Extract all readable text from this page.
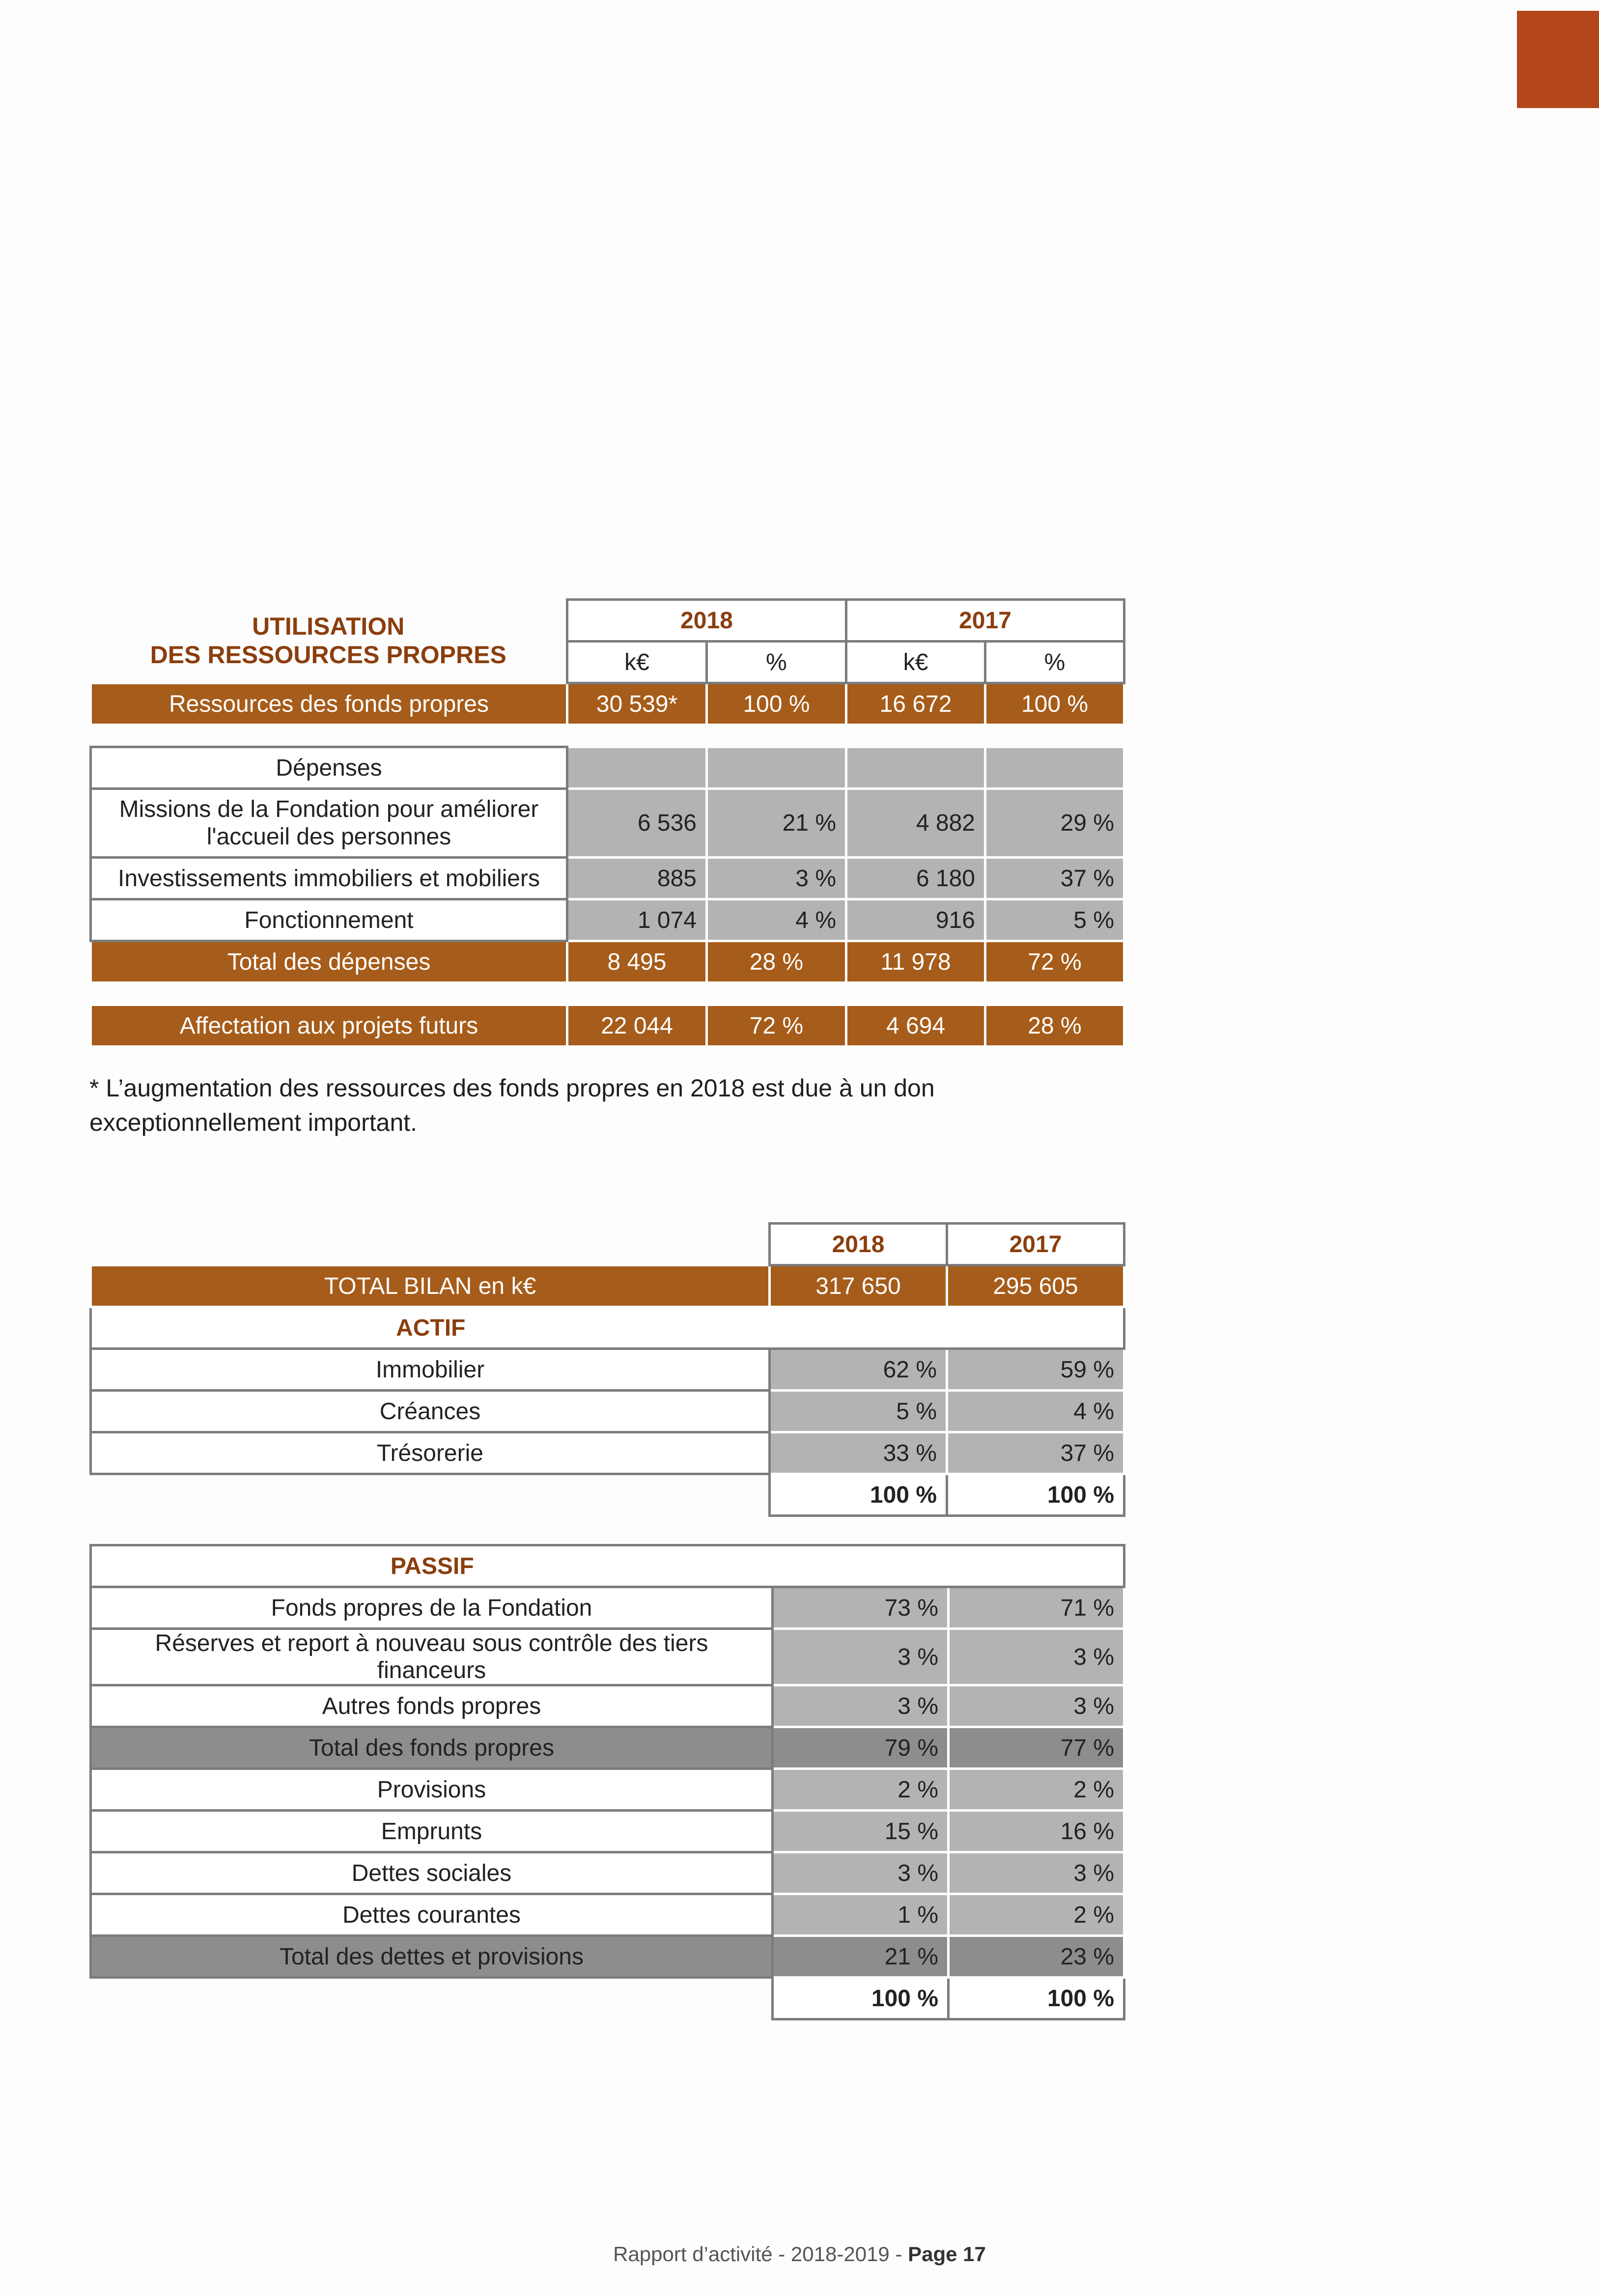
UTILISATION
DES RESSOURCES PROPRES	2018		2017	
	k€	%	k€	%
Ressources des fonds propres	30 539*	100 %	16 672	100 %

Dépenses				
Missions de la Fondation pour améliorer l'accueil des personnes	6 536	21 %	4 882	29 %
Investissements immobiliers et mobiliers	885	3 %	6 180	37 %
Fonctionnement	1 074	4 %	916	5 %
Total des dépenses	8 495	28 %	11 978	72 %

Affectation aux projets futurs	22 044	72 %	4 694	28 %
* L’augmentation des ressources des fonds propres en 2018 est due à un don exceptionnellement important.
	2018	2017
TOTAL BILAN en k€	317 650	295 605
ACTIF		
Immobilier	62 %	59 %
Créances	5 %	4 %
Trésorerie	33 %	37 %
	100 %	100 %
PASSIF		
Fonds propres de la Fondation	73 %	71 %
Réserves et report à nouveau sous contrôle des tiers financeurs	3 %	3 %
Autres fonds propres	3 %	3 %
Total des fonds propres	79 %	77 %
Provisions	2 %	2 %
Emprunts	15 %	16 %
Dettes sociales	3 %	3 %
Dettes courantes	1 %	2 %
Total des dettes et provisions	21 %	23 %
	100 %	100 %
Rapport d’activité - 2018-2019 - Page 17
